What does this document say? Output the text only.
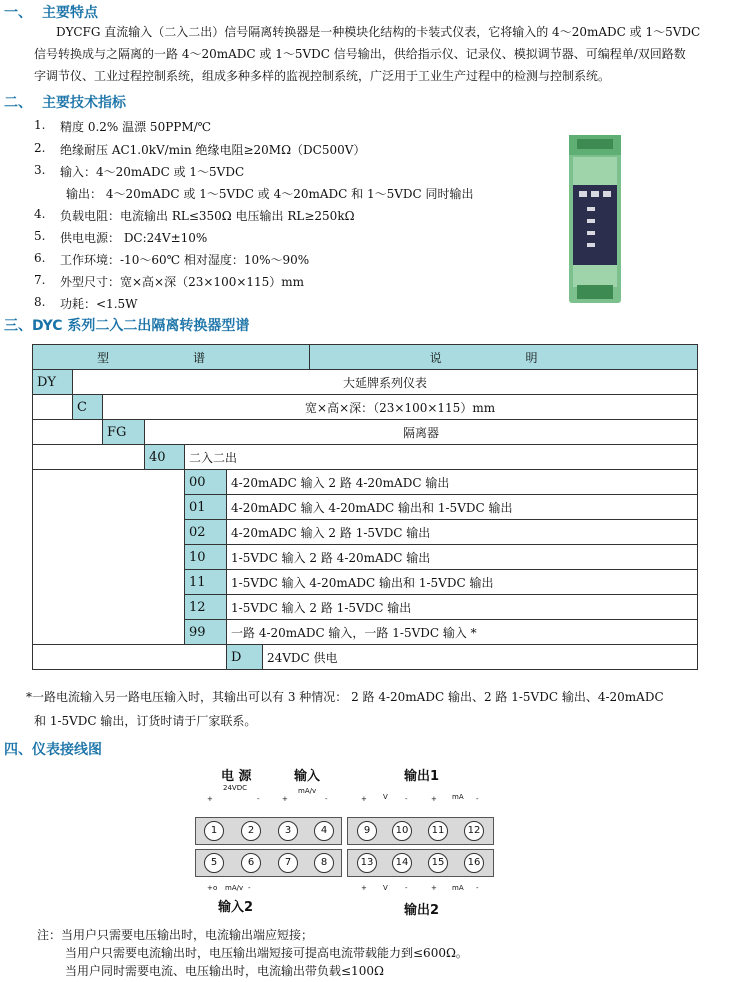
一、 主要特点
DYCFG 直流输入（二入二出）信号隔离转换器是一种模块化结构的卡装式仪表，它将输入的 4～20mADC 或 1～5VDC
信号转换成与之隔离的一路 4～20mADC 或 1～5VDC 信号输出，供给指示仪、记录仪、模拟调节器、可编程单/双回路数
字调节仪、工业过程控制系统，组成多种多样的监视控制系统，广泛用于工业生产过程中的检测与控制系统。
二、 主要技术指标
1. 精度 0.2% 温漂 50PPM/℃
2. 绝缘耐压 AC1.0kV/min 绝缘电阻≥20MΩ（DC500V）
3. 输入：4～20mADC 或 1～5VDC
输出： 4～20mADC 或 1～5VDC 或 4～20mADC 和 1～5VDC 同时输出
4. 负载电阻：电流输出 RL≤350Ω 电压输出 RL≥250kΩ
5. 供电电源： DC:24V±10%
6. 工作环境：-10～60℃ 相对湿度：10%～90%
7. 外型尺寸：宽×高×深（23×100×115）mm
8. 功耗：<1.5W
三、DYC 系列二入二出隔离转换器型谱
型 谱							说 明
DY	大延牌系列仪表						
	C	宽×高×深：（23×100×115）mm					
		FG	隔离器				
			40	二入二出			
				00	4-20mADC 输入 2 路 4-20mADC 输出		
				01	4-20mADC 输入 4-20mADC 输出和 1-5VDC 输出		
				02	4-20mADC 输入 2 路 1-5VDC 输出		
				10	1-5VDC 输入 2 路 4-20mADC 输出		
				11	1-5VDC 输入 4-20mADC 输出和 1-5VDC 输出		
				12	1-5VDC 输入 2 路 1-5VDC 输出		
				99	一路 4-20mADC 输入，一路 1-5VDC 输入 *		
					D	24VDC 供电	
*一路电流输入另一路电压输入时，其输出可以有 3 种情况： 2 路 4-20mADC 输出、2 路 1-5VDC 输出、4-20mADC
和 1-5VDC 输出，订货时请于厂家联系。
四、仪表接线图
电 源
24VDC
输入
mA/v
输出1
+	-	+	-	+ V -	+ mA -
1	2	3	4	9	10	11	12
5	6	7	8	13	14	15	16
+ o mA/v -	+ V -	+ mA -
输入2	输出2
注：当用户只需要电压输出时，电流输出端应短接；
当用户只需要电流输出时，电压输出端短接可提高电流带载能力到≤600Ω。
当用户同时需要电流、电压输出时，电流输出带负载≤100Ω
